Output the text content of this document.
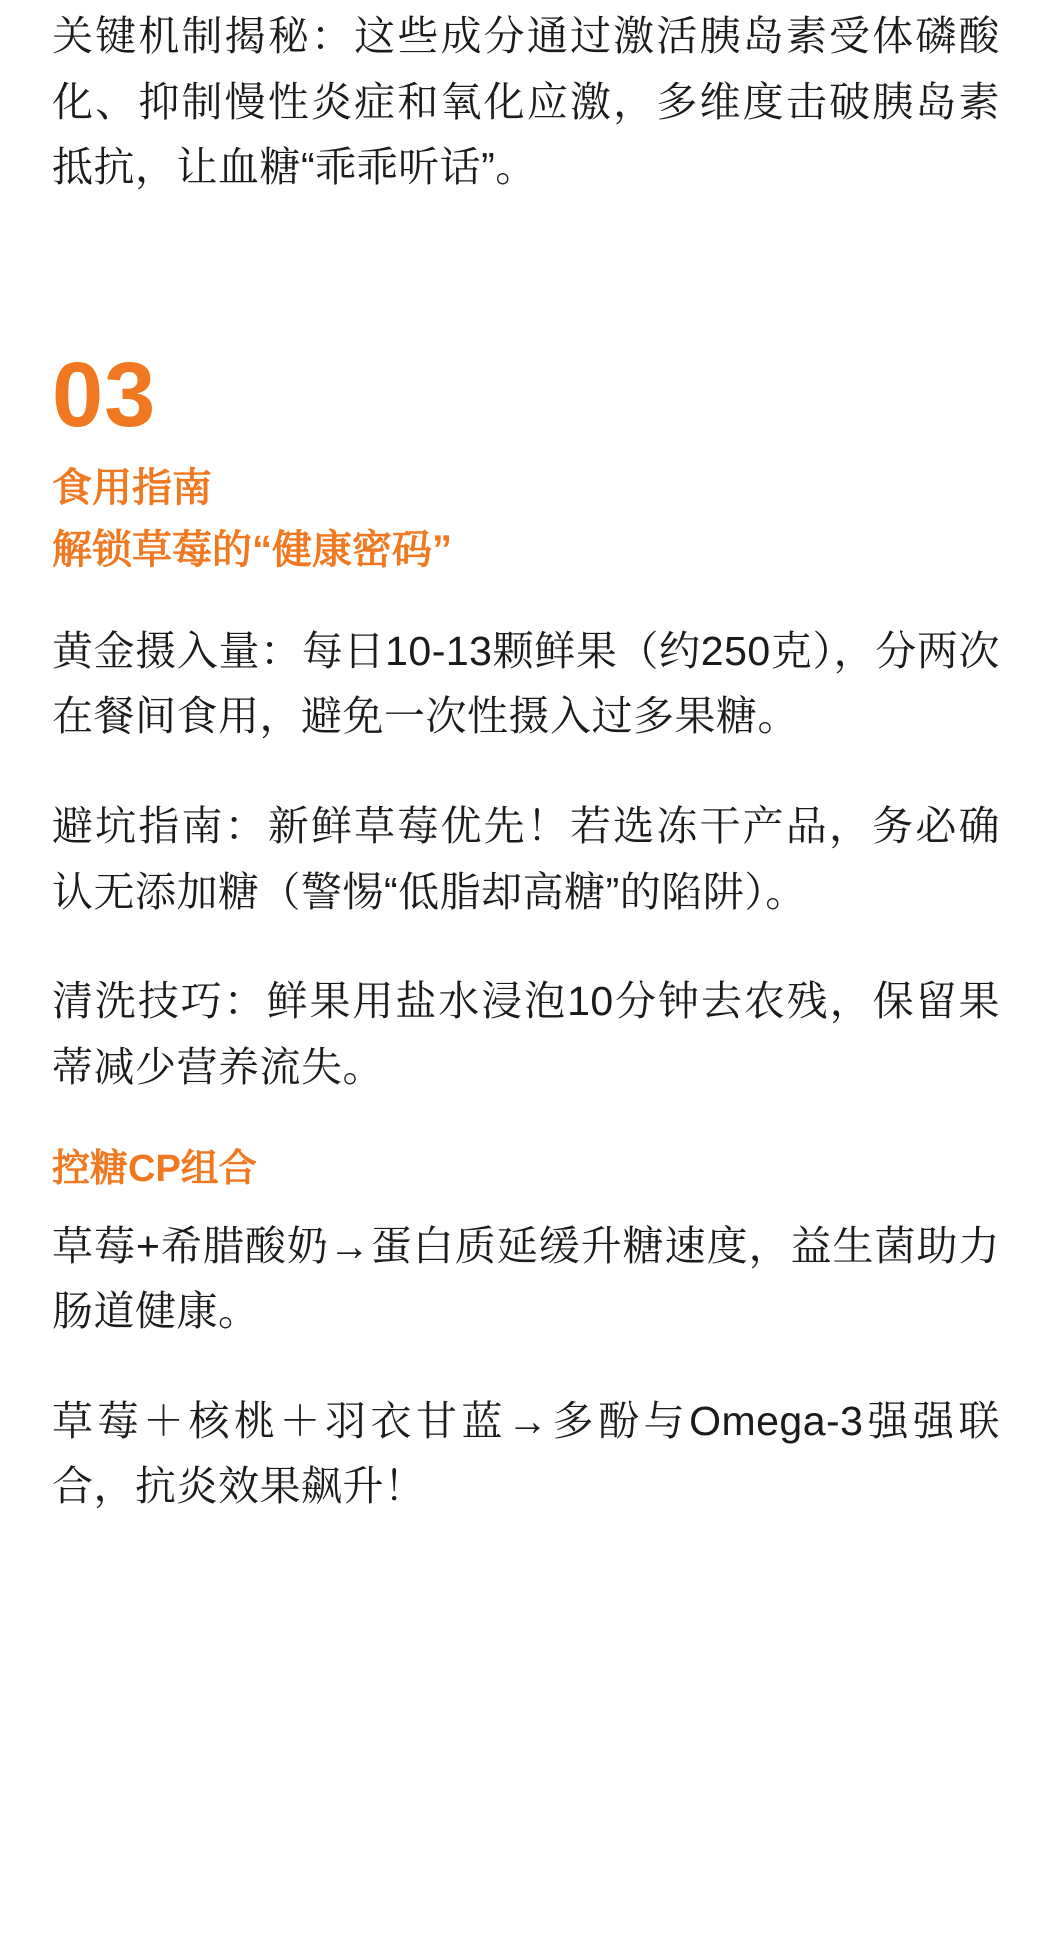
关键机制揭秘：这些成分通过激活胰岛素受体磷酸化、抑制慢性炎症和氧化应激，多维度击破胰岛素抵抗，让血糖“乖乖听话”。

03
食用指南
解锁草莓的“健康密码”

黄金摄入量：每日10-13颗鲜果（约250克），分两次在餐间食用，避免一次性摄入过多果糖。

避坑指南：新鲜草莓优先！若选冻干产品，务必确认无添加糖（警惕“低脂却高糖”的陷阱）。

清洗技巧：鲜果用盐水浸泡10分钟去农残，保留果蒂减少营养流失。

控糖CP组合

草莓+希腊酸奶→蛋白质延缓升糖速度，益生菌助力肠道健康。

草莓＋核桃＋羽衣甘蓝→多酚与Omega-3强强联合，抗炎效果飙升！
